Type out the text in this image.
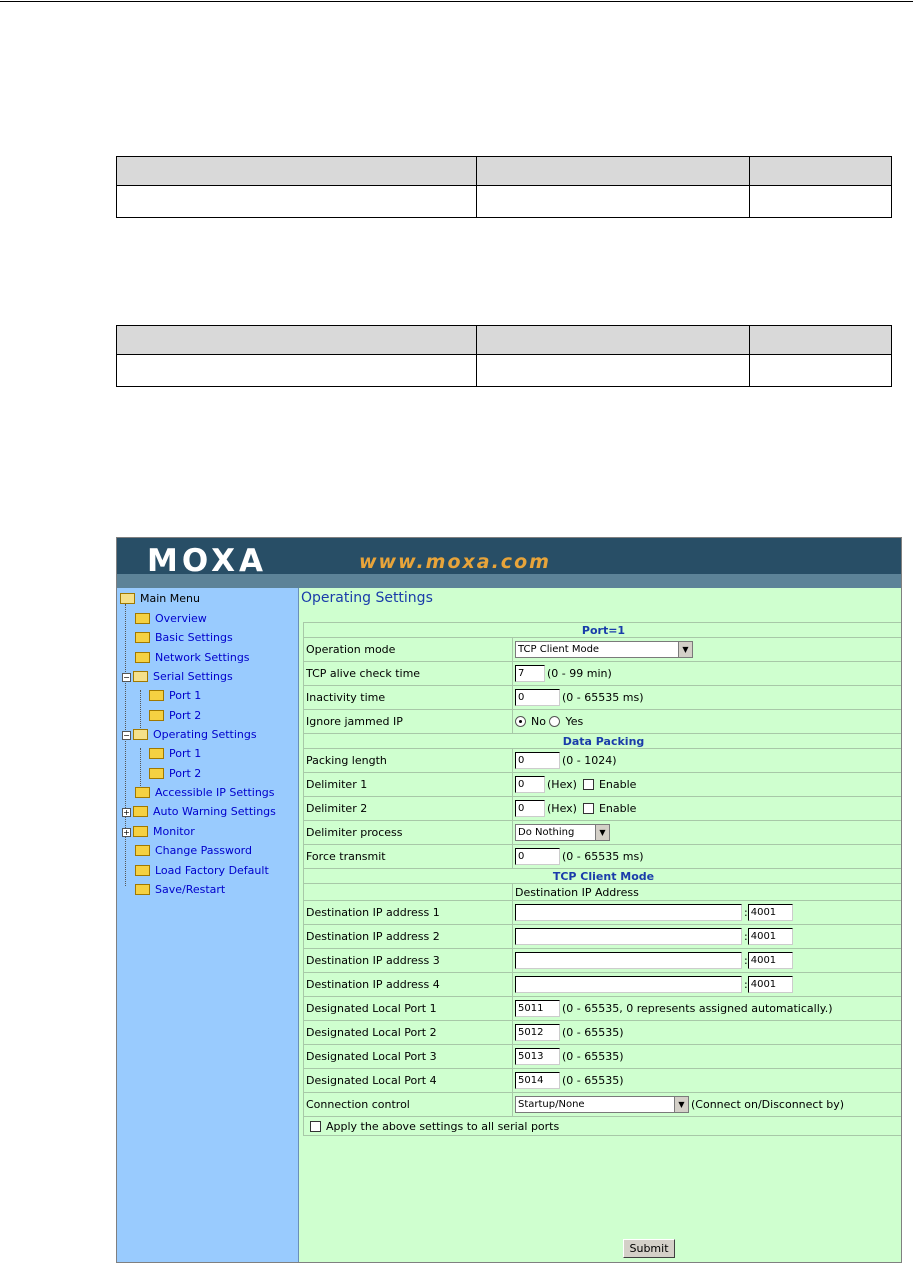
MOXA	www.moxa.com
Main Menu
Overview
Basic Settings
Network Settings
− Serial Settings
Port 1
Port 2
− Operating Settings
Port 1
Port 2
Accessible IP Settings
+ Auto Warning Settings
+ Monitor
Change Password
Load Factory Default
Save/Restart
Operating Settings
Port=1	
Operation mode	TCP Client Mode ▼

TCP alive check time	7 (0 - 99 min)
Inactivity time	0 (0 - 65535 ms)
Ignore jammed IP	No Yes
Data Packing	
Packing length	0 (0 - 1024)
Delimiter 1	0 (Hex) Enable
Delimiter 2	0 (Hex) Enable
Delimiter process	Do Nothing ▼

Force transmit	0 (0 - 65535 ms)
TCP Client Mode	
	Destination IP Address
Destination IP address 1	: 4001
Destination IP address 2	: 4001
Destination IP address 3	: 4001
Destination IP address 4	: 4001
Designated Local Port 1	5011 (0 - 65535, 0 represents assigned automatically.)
Designated Local Port 2	5012 (0 - 65535)
Designated Local Port 3	5013 (0 - 65535)
Designated Local Port 4	5014 (0 - 65535)
Connection control	Startup/None ▼ (Connect on/Disconnect by)
Apply the above settings to all serial ports	
Submit
